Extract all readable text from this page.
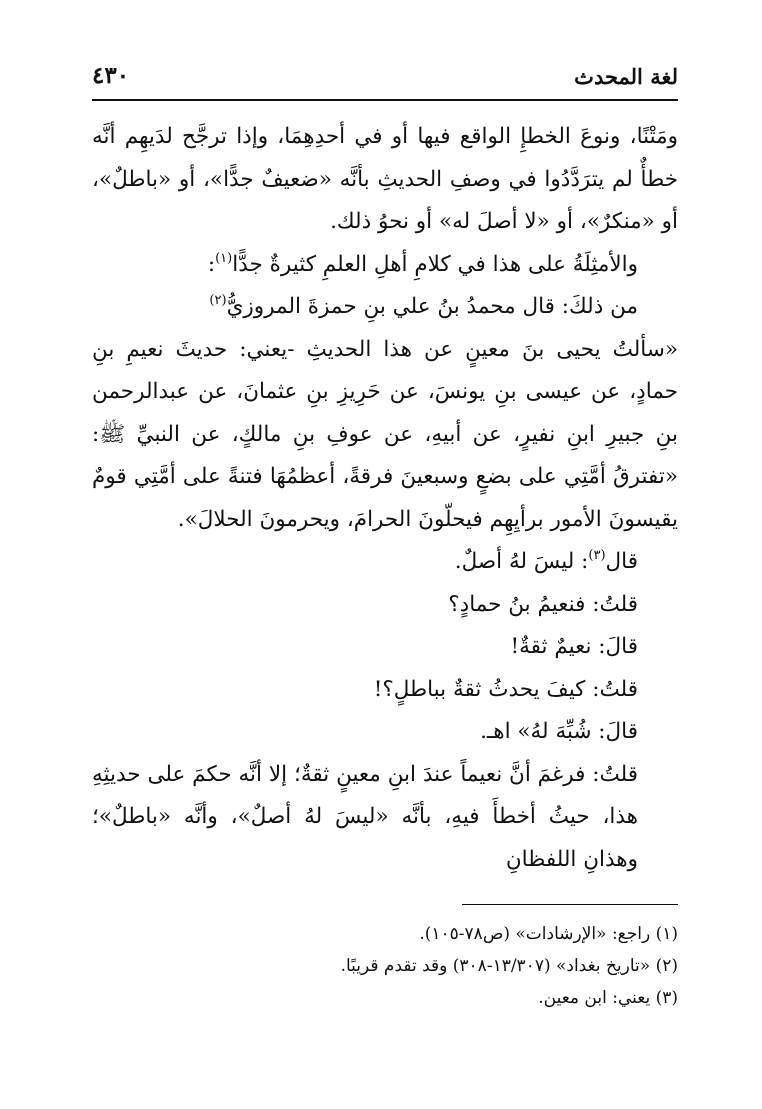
لغة المحدث
٤٣٠

ومَتْنًا، ونوعَ الخطإِ الواقع فيها أو في أحدِهِمَا، وإذا ترجَّح لدَيهِم أنَّه خطأٌ لم يترَدَّدُوا في وصفِ الحديثِ بأنَّه «ضعيفٌ جدًّا»، أو «باطلٌ»، أو «منكرٌ»، أو «لا أصلَ له» أو نحوُ ذلك.

والأمثِلَةُ على هذا في كلامِ أهلِ العلمِ كثيرةٌ جدًّا$^{(١)}$:

من ذلكَ: قال محمدُ بنُ علي بنِ حمزةَ المروزيُّ$^{(٢)}$

«سألتُ يحيى بنَ معينٍ عن هذا الحديثِ -يعني: حديثَ نعيمِ بنِ حمادٍ، عن عيسى بنِ يونسَ، عن حَرِيزِ بنِ عثمانَ، عن عبدالرحمن بنِ جبيرِ ابنِ نفيرٍ، عن أبيهِ، عن عوفِ بنِ مالكٍ، عن النبيِّ ﷺ: «تفترقُ أمَّتِي على بضعٍ وسبعينَ فرقةً، أعظمُهَا فتنةً على أمَّتِي قومٌ يقيسونَ الأمور برأيِهِم فيحلّونَ الحرامَ، ويحرمونَ الحلالَ».

قال$^{(٣)}$: ليسَ لهُ أصلٌ.

قلتُ: فنعيمُ بنُ حمادٍ؟

قالَ: نعيمٌ ثقةٌ!

قلتُ: كيفَ يحدثُ ثقةٌ بباطلٍ؟!

قالَ: شُبِّهَ لهُ» اهـ.

قلتُ: فرغمَ أنَّ نعيماً عندَ ابنِ معينٍ ثقةٌ؛ إلا أنَّه حكمَ على حديثِهِ هذا، حيثُ أخطأَ فيهِ، بأنَّه «ليسَ لهُ أصلٌ»، وأنَّه «باطلٌ»؛ وهذانِ اللفظانِ

(١) راجع: «الإرشادات» (ص٧٨-١٠٥).

(٢) «تاريخ بغداد» (١٣/٣٠٧-٣٠٨) وقد تقدم قريبًا.

(٣) يعني: ابن معين.
